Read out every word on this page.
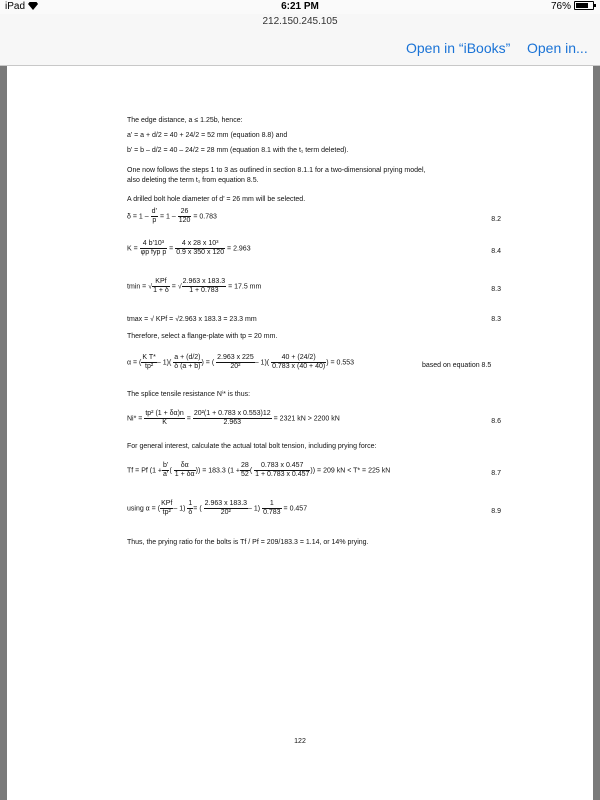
iPad	6:21 PM	76%
212.150.245.105
Open in “iBooks” Open in...
The edge distance, a ≤ 1.25b, hence:
a’ = a + d/2 = 40 + 24/2 = 52 mm (equation 8.8) and
b’ = b – d/2 = 40 – 24/2 = 28 mm (equation 8.1 with the t₁ term deleted).
One now follows the steps 1 to 3 as outlined in section 8.1.1 for a two-dimensional prying model,
also deleting the term t₁ from equation 8.5.
A drilled bolt hole diameter of d’ = 26 mm will be selected.
$\delta = 1 - \frac{d’}{p} = 1 - \frac{26}{120} = 0.783$	8.2
$K = \frac{\text{4 b’10³}}{\text{φp fyp p}} = \frac{\text{4 x 28 x 10³}}{0.9 x 350 x 120} = 2.963$	8.4
tmin = √ $\frac{\text{KPf}}{1 + \delta}$ = √ $\frac{2.963 x 183.3}{1 + 0.783} = 17.5$ mm	8.3
tmax = √ KPf = √2.963 x 183.3 = 23.3 mm	8.3
Therefore, select a flange-plate with tp = 20 mm.
α = ( $\frac{\text{K T*}}{\text{tp²}} - 1)( \frac{a + (d/2)}{\delta (a + b)}$ ) = ( $\frac{2.963 x 225}{\text{20²}} - 1)( \frac{40 + (24/2)}{0.783 x (40 + 40)}$ ) = 0.553	based on equation 8.5
The splice tensile resistance Nⁱ* is thus:
$Ni* = \frac{\text{tp² (1 + δα)n}}{K} = \frac{\text{20²(1 + 0.783 x 0.553)12}}{2.963} = 2321$ kN > 2200 kN	8.6
For general interest, calculate the actual total bolt tension, including prying force:
Tf = Pf ($1 + \frac{b’}{a’}$ ( $\frac{\delta\alpha}{1 + \delta\alpha}$ )) = 183.3 ($1 + \frac{28}{52}$ ( $\frac{0.783 x 0.457}{1 + 0.783 x 0.457}$ )) = 209 kN < T* = 225 kN	8.7
using α = ( $\frac{\text{KPf}}{\text{tp²}} - 1) \frac{1}{\delta}$ = ( $\frac{2.963 x 183.3}{\text{20²}} - 1) \frac{1}{0.783} = 0.457$	8.9
Thus, the prying ratio for the bolts is Tf / Pf = 209/183.3 = 1.14, or 14% prying.
122
